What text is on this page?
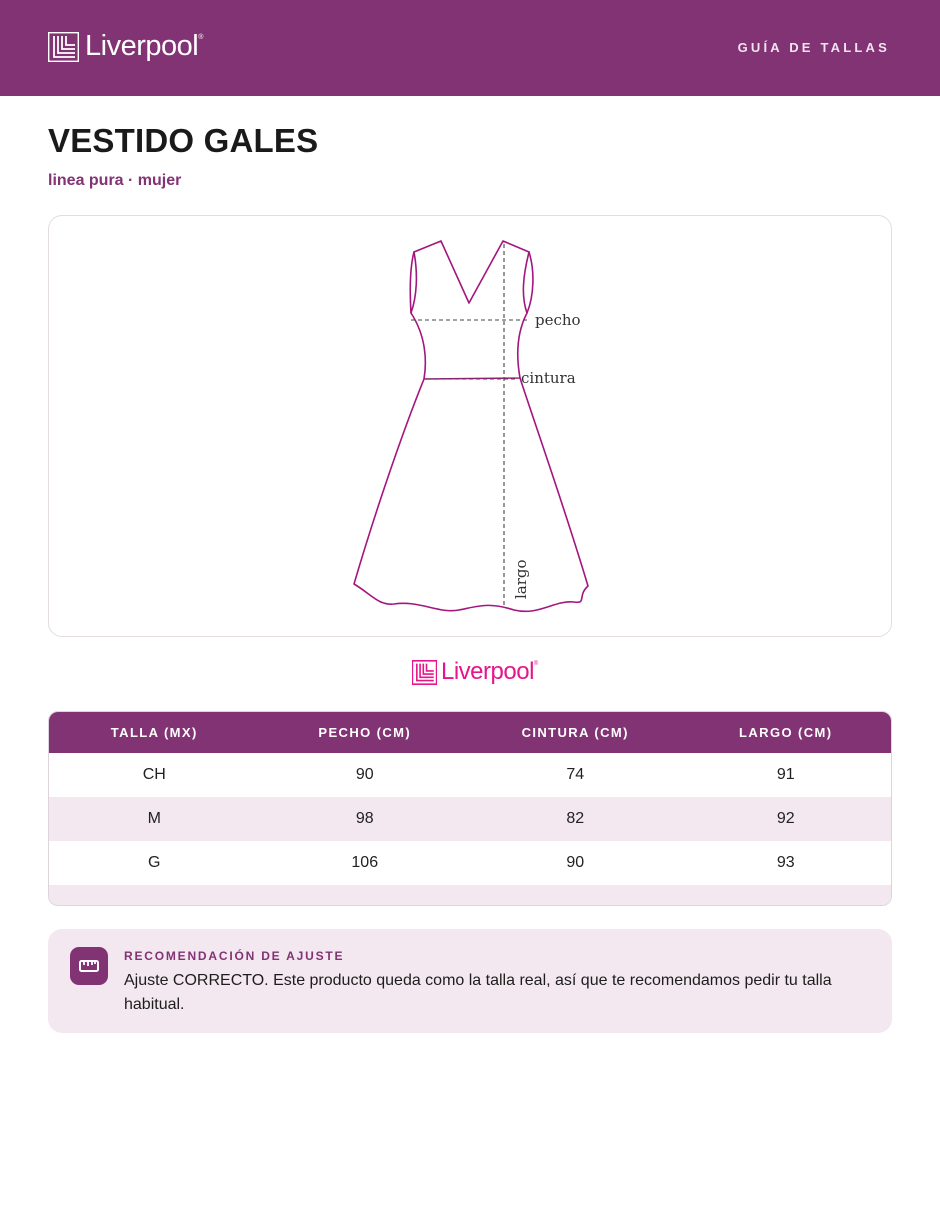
Liverpool ®
GUÍA DE TALLAS
VESTIDO GALES
linea pura · mujer
pecho
cintura
largo
Liverpool ®
TALLA (MX)	PECHO (CM)	CINTURA (CM)	LARGO (CM)
CH	90	74	91
M	98	82	92
G	106	90	93
RECOMENDACIÓN DE AJUSTE
Ajuste CORRECTO. Este producto queda como la talla real, así que te recomendamos pedir tu talla habitual.
